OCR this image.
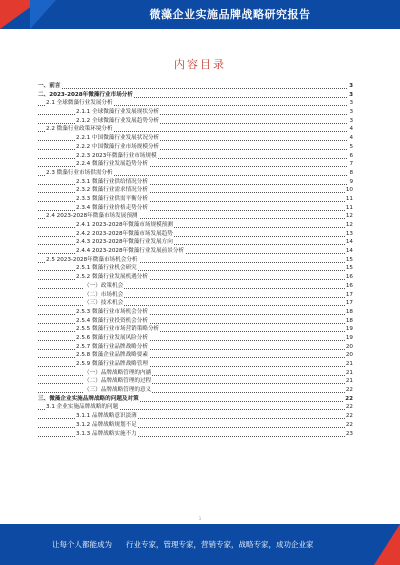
微藻企业实施品牌战略研究报告
内容目录
一、前言	3
二、2023-2028年微藻行业市场分析	3
2.1 全球微藻行业发展分析	3
2.1.1 全球微藻行业发展现状分析	3
2.1.2 全球微藻行业发展趋势分析	3
2.2 微藻行业政策环境分析	4
2.2.1 中国微藻行业发展状况分析	4
2.2.2 中国微藻行业市场规模分析	5
2.2.3 2023年微藻行业市场规模	6
2.2.4 微藻行业发展趋势分析	7
2.3 微藻行业市场供需分析	8
2.3.1 微藻行业供给情况分析	9
2.3.2 微藻行业需求情况分析	10
2.3.3 微藻行业供需平衡分析	11
2.3.4 微藻行业价格走势分析	11
2.4 2023-2028年微藻市场发展预测	12
2.4.1 2023-2028年微藻市场规模预测	12
2.4.2 2023-2028年微藻市场发展趋势	13
2.4.3 2023-2028年微藻行业发展方向	14
2.4.4 2023-2028年微藻行业发展前景分析	14
2.5 2023-2028年微藻市场机会分析	15
2.5.1 微藻行业机会研究	15
2.5.2 微藻行业发展机遇分析	16
（一）政策机会	16
（二）市场机会	17
（三）技术机会	17
2.5.3 微藻行业市场机会分析	18
2.5.4 微藻行业投资机会分析	18
2.5.5 微藻行业市场营销策略分析	19
2.5.6 微藻行业发展风险分析	19
2.5.7 微藻行业品牌战略分析	20
2.5.8 微藻企业品牌战略要素	20
2.5.9 微藻行业品牌战略管理	21
（一）品牌战略管理的内涵	21
（二）品牌战略管理的过程	21
（三）品牌战略管理的意义	22
三、微藻企业实施品牌战略的问题及对策	22
3.1 企业实施品牌战略的问题	22
3.1.1 品牌战略意识淡薄	22
3.1.2 品牌战略规划不足	22
3.1.3 品牌战略实施不力	23
1
让每个人都能成为 行业专家，管理专家，营销专家，战略专家，成功企业家
